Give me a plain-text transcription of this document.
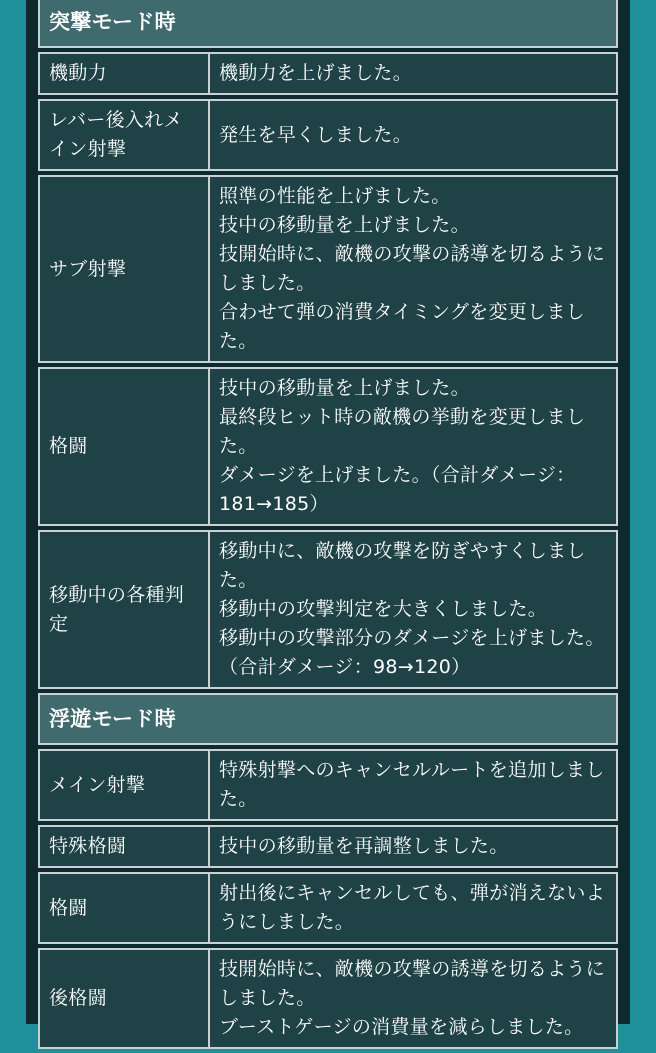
突撃モード時	
機動力	機動力を上げました。

レバー後入れメイン射撃	発生を早くしました。

サブ射撃	照準の性能を上げました。
技中の移動量を上げました。
技開始時に、敵機の攻撃の誘導を切るようにしました。
合わせて弾の消費タイミングを変更しました。

格闘	技中の移動量を上げました。
最終段ヒット時の敵機の挙動を変更しました。
ダメージを上げました。（合計ダメージ：181→185）

移動中の各種判定	移動中に、敵機の攻撃を防ぎやすくしました。
移動中の攻撃判定を大きくしました。
移動中の攻撃部分のダメージを上げました。（合計ダメージ：98→120）

浮遊モード時	
メイン射撃	特殊射撃へのキャンセルルートを追加しました。

特殊格闘	技中の移動量を再調整しました。

格闘	射出後にキャンセルしても、弾が消えないようにしました。

後格闘	技開始時に、敵機の攻撃の誘導を切るようにしました。
ブーストゲージの消費量を減らしました。
